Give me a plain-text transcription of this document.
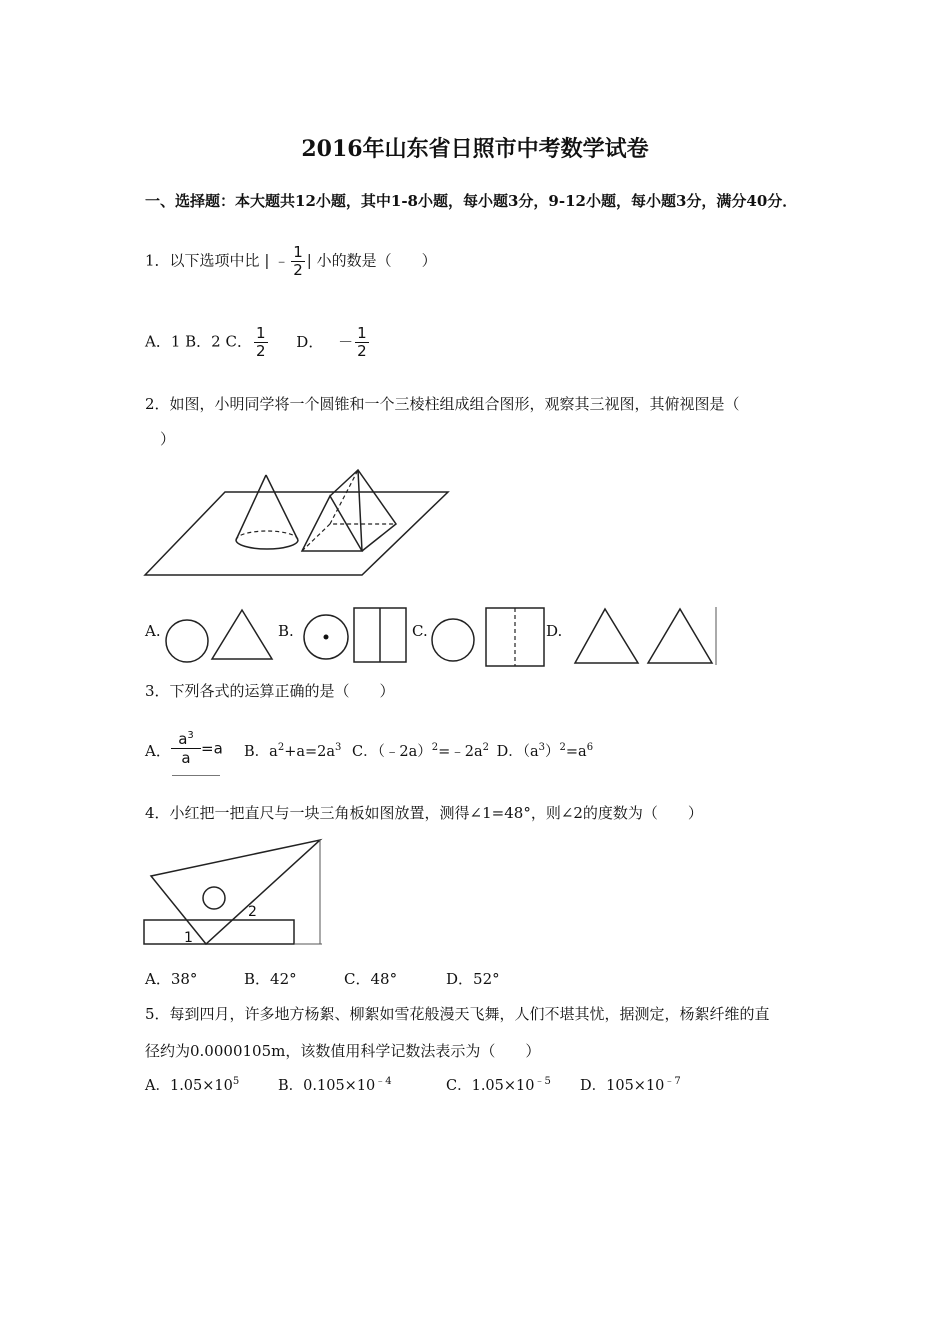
2016年山东省日照市中考数学试卷
一、选择题：本大题共12小题，其中1-8小题，每小题3分，9-12小题，每小题3分，满分40分．
1．以下选项中比 | ﹣ $\frac{1}{2}$ | 小的数是（　　）
A．1 B．2 C． $\frac{1}{2}$ D． － $\frac{1}{2}$
2．如图，小明同学将一个圆锥和一个三棱柱组成组合图形，观察其三视图，其俯视图是（
）
A.	B.	C.	D.
3．下列各式的运算正确的是（　　）
A． $\frac{a^3}{a} =a$ B．$a^2+a=2a^3$ C．$(﹣2a)^2=﹣2a^2$ D．$(a^3)^2=a^6$
4．小红把一把直尺与一块三角板如图放置，测得∠1=48°，则∠2的度数为（　　）
1
2
A．38°	B．42°	C．48°	D．52°
5．每到四月，许多地方杨絮、柳絮如雪花般漫天飞舞，人们不堪其忧，据测定，杨絮纤维的直
径约为0.0000105m，该数值用科学记数法表示为（　　）
A．$1.05\times 10^5$	B．$0.105\times 10^{﹣4}$	C．$1.05\times 10^{﹣5}$ D．$105\times 10^{﹣7}$
